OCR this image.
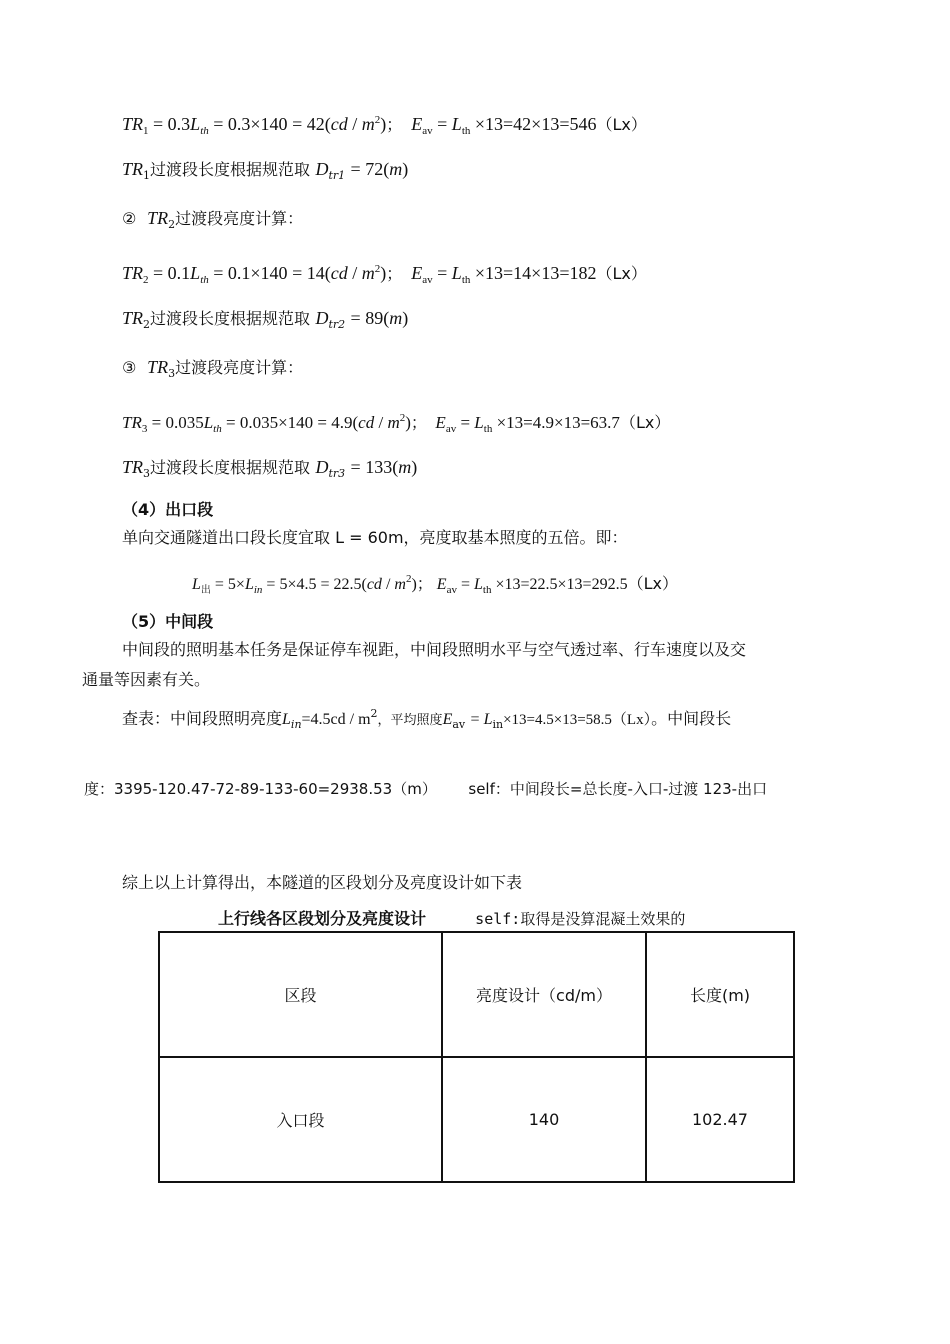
$TR_1 = 0.3L_{th} = 0.3\times 140 = 42(cd / m^2)$； $E_{av} = L_{th} \times 13=42\times 13=546(Lx)$
$TR_1$过渡段长度根据规范取 $D_{tr1} = 72(m)$
② $TR_2$过渡段亮度计算：
$TR_2 = 0.1L_{th} = 0.1\times 140 = 14(cd / m^2)$； $E_{av} = L_{th} \times 13=14\times 13=182(Lx)$
$TR_2$过渡段长度根据规范取 $D_{tr2} = 89(m)$
③ $TR_3$过渡段亮度计算：
$TR_3 = 0.035L_{th} = 0.035\times 140 = 4.9(cd / m^2)$； $E_{av} = L_{th} \times 13=4.9\times 13=63.7(Lx)$
$TR_3$过渡段长度根据规范取 $D_{tr3} = 133(m)$
（4）出口段
单向交通隧道出口段长度宜取 L = 60m，亮度取基本照度的五倍。即：
$L_出 = 5\times L_{in} = 5\times 4.5 = 22.5(cd / m^2)$； $E_{av} = L_{th} \times 13=22.5\times 13=292.5(Lx)$
（5）中间段
中间段的照明基本任务是保证停车视距，中间段照明水平与空气透过率、行车速度以及交
通量等因素有关。
查表：中间段照明亮度$L_{in}=4.5cd / m^2$，平均照度$E_{av} = L_{in}\times 13=4.5\times 13=58.5(Lx)$。中间段长
度：3395-120.47-72-89-133-60=2938.53（m） self：中间段长=总长度-入口-过渡 123-出口
综上以上计算得出，本隧道的区段划分及亮度设计如下表
上行线各区段划分及亮度设计	self:取得是没算混凝土效果的
区段	亮度设计（cd/m）	长度(m)
入口段	140	102.47
